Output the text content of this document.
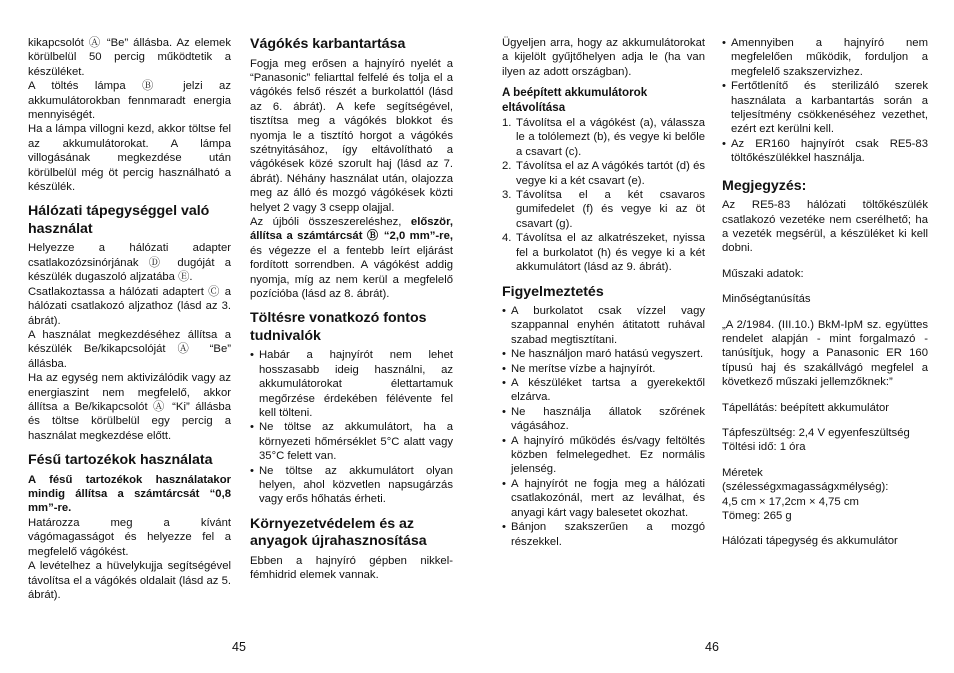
kikapcsolót Ⓐ “Be” állásba. Az elemek körülbelül 50 percig működtetik a készüléket.

A töltés lámpa Ⓑ jelzi az akkumulátorokban fennmaradt energia mennyiségét.

Ha a lámpa villogni kezd, akkor töltse fel az akkumulátorokat. A lámpa villogásának megkezdése után körülbelül még öt percig használható a készülék.

Hálózati tápegységgel való használat

Helyezze a hálózati adapter csatlakozózsinórjának Ⓓ dugóját a készülék dugaszoló aljzatába Ⓔ.

Csatlakoztassa a hálózati adaptert Ⓒ a hálózati csatlakozó aljzathoz (lásd az 3. ábrát).

A használat megkezdéséhez állítsa a készülék Be/kikapcsolóját Ⓐ “Be” állásba.

Ha az egység nem aktivizálódik vagy az energiaszint nem megfelelő, akkor állítsa a Be/kikapcsolót Ⓐ “Ki” állásba és töltse körülbelül egy percig a használat megkezdése előtt.

Fésű tartozékok használata

A fésű tartozékok használatakor mindig állítsa a számtárcsát “0,8 mm”-re.

Határozza meg a kívánt vágómagasságot és helyezze fel a megfelelő vágókést.

A levételhez a hüvelykujja segítségével távolítsa el a vágókés oldalait (lásd az 5. ábrát).

Vágókés karbantartása

Fogja meg erősen a hajnyíró nyelét a “Panasonic” feliarttal felfelé és tolja el a vágókés felső részét a burkolattól (lásd az 6. ábrát). A kefe segítségével, tisztítsa meg a vágókés blokkot és nyomja le a tisztító horgot a vágókés szétnyitásához, így eltávolítható a vágókések közé szorult haj (lásd az 7. ábrát). Néhány használat után, olajozza meg az álló és mozgó vágókések közti helyet 2 vagy 3 csepp olajjal.

Az újbóli összeszereléshez, először, állítsa a számtárcsát Ⓑ “2,0 mm”-re, és végezze el a fentebb leírt eljárást fordított sorrendben. A vágókést addig nyomja, míg az nem kerül a megfelelő pozícióba (lásd az 8. ábrát).

Töltésre vonatkozó fontos tudnivalók
• Habár a hajnyírót nem lehet hosszasabb ideig használni, az akkumulátorokat élettartamuk megőrzése érdekében félévente fel kell tölteni.
• Ne töltse az akkumulátort, ha a környezeti hőmérséklet 5°C alatt vagy 35°C felett van.
• Ne töltse az akkumulátort olyan helyen, ahol közvetlen napsugárzás vagy erős hőhatás érheti.
Környezetvédelem és az anyagok újrahasznosítása

Ebben a hajnyíró gépben nikkel-fémhidrid elemek vannak.

Ügyeljen arra, hogy az akkumulátorokat a kijelölt gyűjtőhelyen adja le (ha van ilyen az adott országban).

A beépített akkumulátorok eltávolítása
1. Távolítsa el a vágókést (a), válassza le a tolólemezt (b), és vegye ki belőle a csavart (c).
2. Távolítsa el az A vágókés tartót (d) és vegye ki a két csavart (e).
3. Távolítsa el a két csavaros gumifedelet (f) és vegye ki az öt csavart (g).
4. Távolítsa el az alkatrészeket, nyissa fel a burkolatot (h) és vegye ki a két akkumulátort (lásd az 9. ábrát).
Figyelmeztetés
• A burkolatot csak vízzel vagy szappannal enyhén átitatott ruhával szabad megtisztítani.
• Ne használjon maró hatású vegyszert.
• Ne merítse vízbe a hajnyírót.
• A készüléket tartsa a gyerekektől elzárva.
• Ne használja állatok szőrének vágásához.
• A hajnyíró működés és/vagy feltöltés közben felmelegedhet. Ez normális jelenség.
• A hajnyírót ne fogja meg a hálózati csatlakozónál, mert az leválhat, és anyagi kárt vagy balesetet okozhat.
• Bánjon szakszerűen a mozgó részekkel.
• Amennyiben a hajnyíró nem megfelelően működik, forduljon a megfelelő szakszervizhez.
• Fertőtlenítő és sterilizáló szerek használata a karbantartás során a teljesítmény csökkenéséhez vezethet, ezért ezt kerülni kell.
• Az ER160 hajnyírót csak RE5-83 töltőkészülékkel használja.
Megjegyzés:

Az RE5-83 hálózati töltőkészülék csatlakozó vezetéke nem cserélhető; ha a vezeték megsérül, a készüléket ki kell dobni.

Műszaki adatok:

Minőségtanúsítás

„A 2/1984. (III.10.) BkM-IpM sz. együttes rendelet alapján - mint forgalmazó -tanúsítjuk, hogy a Panasonic ER 160 típusú haj és szakállvágó megfelel a következő műszaki jellemzőknek:”

Tápellátás: beépített akkumulátor

Tápfeszültség: 2,4 V egyenfeszültség

Töltési idő: 1 óra

Méretek

(szélességxmagasságxmélység):

4,5 cm × 17,2cm × 4,75 cm

Tömeg: 265 g

Hálózati tápegység és akkumulátor

45	46
